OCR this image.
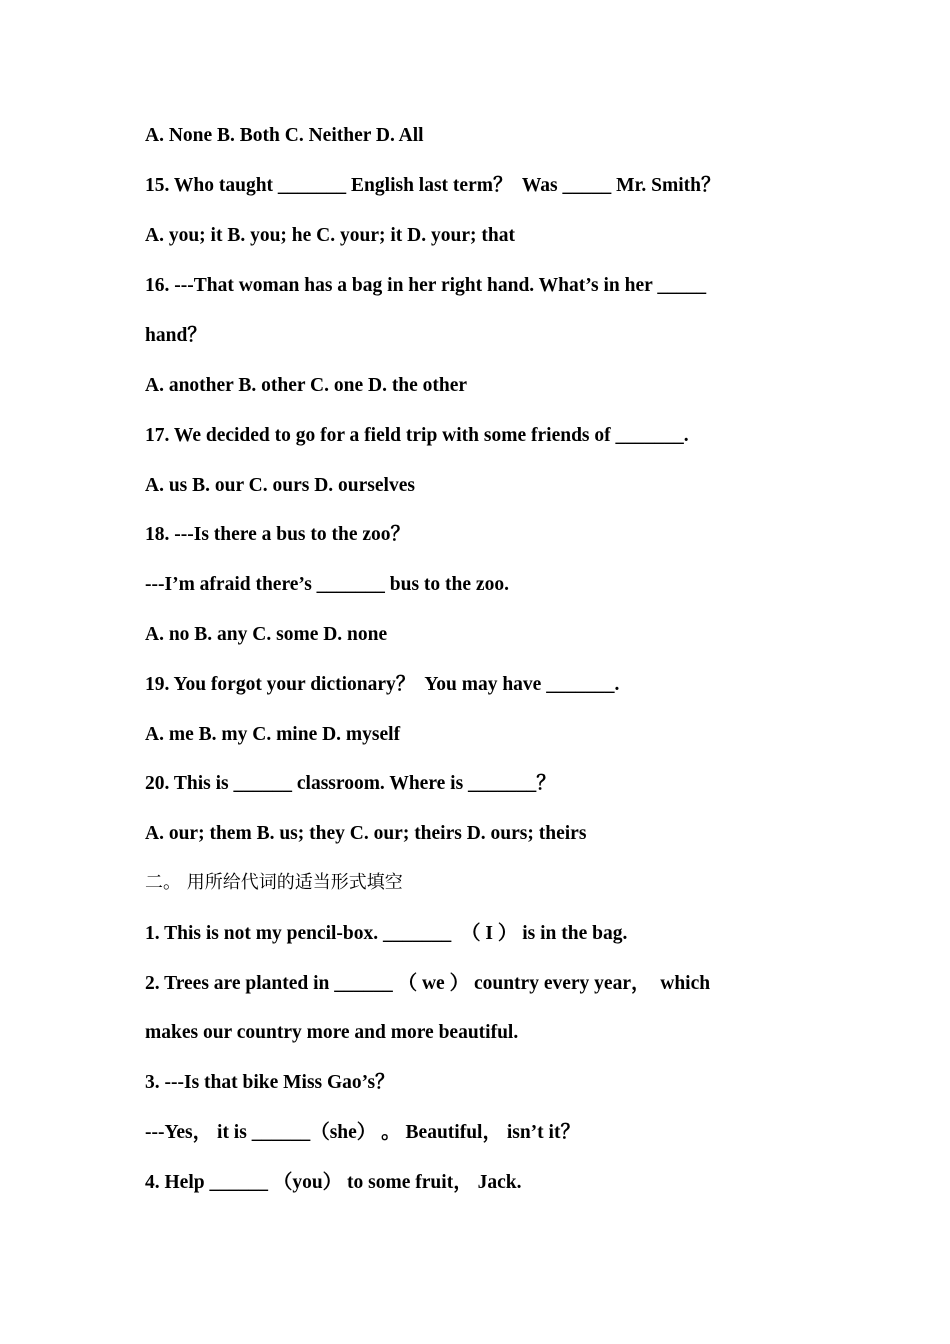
A. None B. Both C. Neither D. All
15. Who taught _______ English last term？  Was _____ Mr. Smith？
A. you; it B. you; he C. your; it D. your; that
16. ---That woman has a bag in her right hand. What’s in her _____
hand？
A. another B. other C. one D. the other
17. We decided to go for a field trip with some friends of _______.
A. us B. our C. ours D. ourselves
18. ---Is there a bus to the zoo？
---I’m afraid there’s _______ bus to the zoo.
A. no B. any C. some D. none
19. You forgot your dictionary？  You may have _______.
A. me B. my C. mine D. myself
20. This is ______ classroom. Where is _______？
A. our; them B. us; they C. our; theirs D. ours; theirs
二。 用所给代词的适当形式填空
1. This is not my pencil-box. _______  （ I ） is in the bag.
2. Trees are planted in ______ （ we ） country every year，  which
makes our country more and more beautiful.
3. ---Is that bike Miss Gao’s？
---Yes， it is ______（she） 。 Beautiful， isn’t it？
4. Help ______ （you） to some fruit， Jack.
